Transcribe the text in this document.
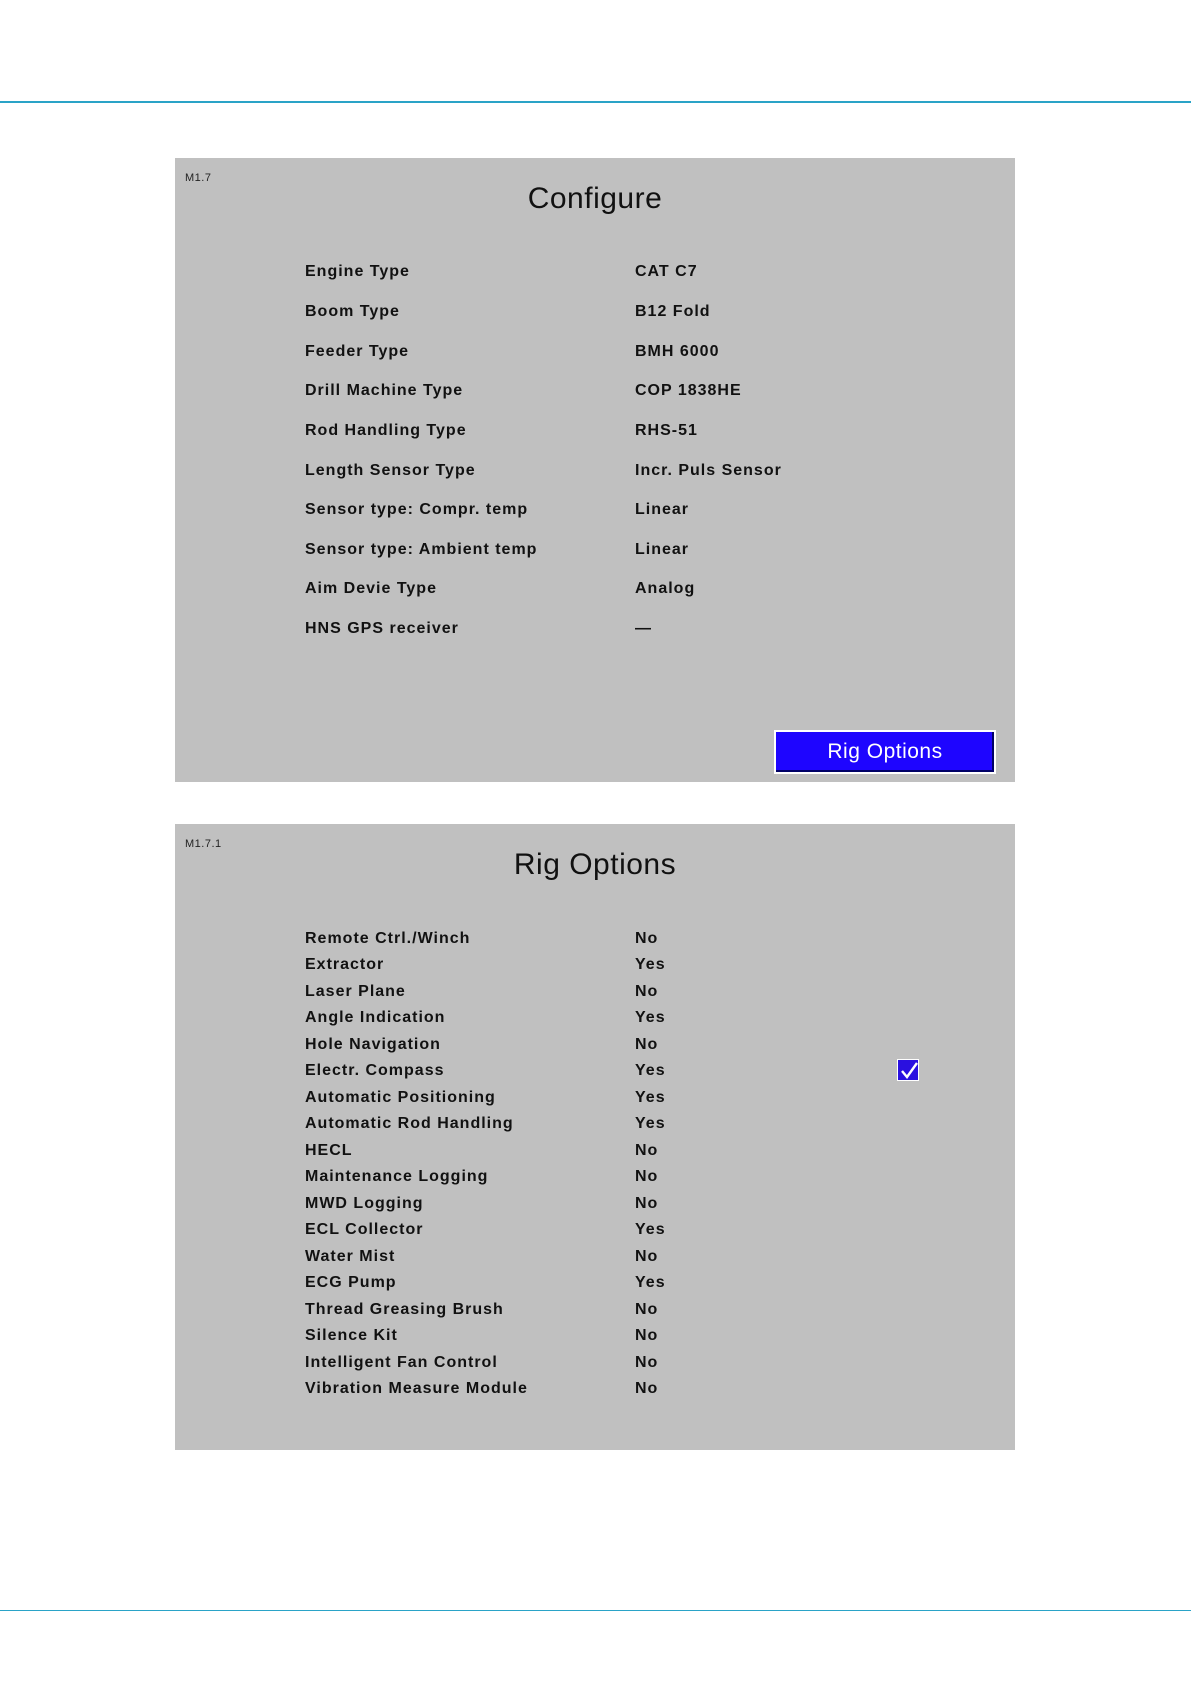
M1.7
Configure
Engine Type	CAT C7
Boom Type	B12 Fold
Feeder Type	BMH 6000
Drill Machine Type	COP 1838HE
Rod Handling Type	RHS-51
Length Sensor Type	Incr. Puls Sensor
Sensor type: Compr. temp	Linear
Sensor type: Ambient temp	Linear
Aim Devie Type	Analog
HNS GPS receiver	—
Rig Options
M1.7.1
Rig Options
Remote Ctrl./Winch	No
Extractor	Yes
Laser Plane	No
Angle Indication	Yes
Hole Navigation	No
Electr. Compass	Yes
Automatic Positioning	Yes
Automatic Rod Handling	Yes
HECL	No
Maintenance Logging	No
MWD Logging	No
ECL Collector	Yes
Water Mist	No
ECG Pump	Yes
Thread Greasing Brush	No
Silence Kit	No
Intelligent Fan Control	No
Vibration Measure Module	No
